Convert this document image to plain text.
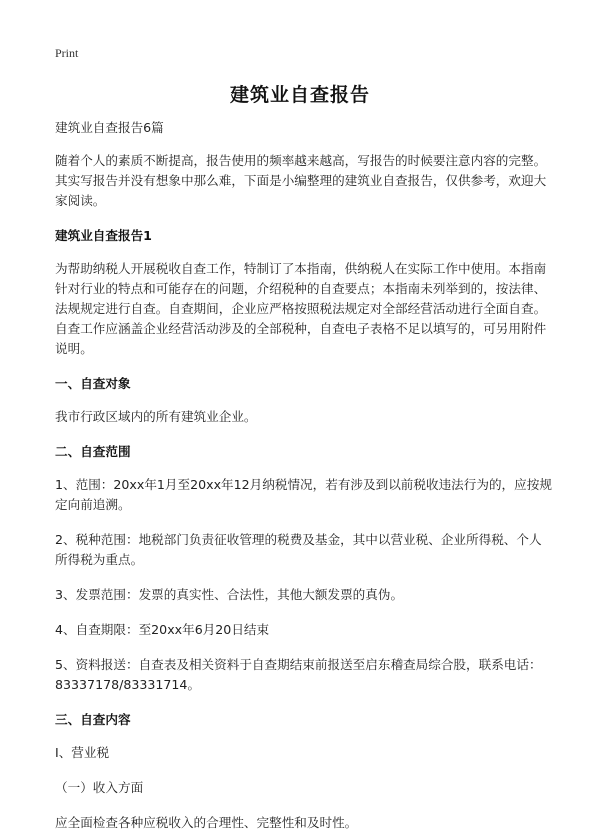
Print
建筑业自查报告

建筑业自查报告6篇

随着个人的素质不断提高，报告使用的频率越来越高，写报告的时候要注意内容的完整。其实写报告并没有想象中那么难，下面是小编整理的建筑业自查报告，仅供参考，欢迎大家阅读。

建筑业自查报告1

为帮助纳税人开展税收自查工作，特制订了本指南，供纳税人在实际工作中使用。本指南针对行业的特点和可能存在的问题，介绍税种的自查要点；本指南未列举到的，按法律、法规规定进行自查。自查期间，企业应严格按照税法规定对全部经营活动进行全面自查。自查工作应涵盖企业经营活动涉及的全部税种，自查电子表格不足以填写的，可另用附件说明。

一、自查对象

我市行政区域内的所有建筑业企业。

二、自查范围

1、范围：20xx年1月至20xx年12月纳税情况，若有涉及到以前税收违法行为的，应按规定向前追溯。

2、税种范围：地税部门负责征收管理的税费及基金，其中以营业税、企业所得税、个人所得税为重点。

3、发票范围：发票的真实性、合法性，其他大额发票的真伪。

4、自查期限：至20xx年6月20日结束

5、资料报送：自查表及相关资料于自查期结束前报送至启东稽查局综合股，联系电话：83337178/83331714。

三、自查内容

I、营业税

（一）收入方面

应全面检查各种应税收入的合理性、完整性和及时性。
